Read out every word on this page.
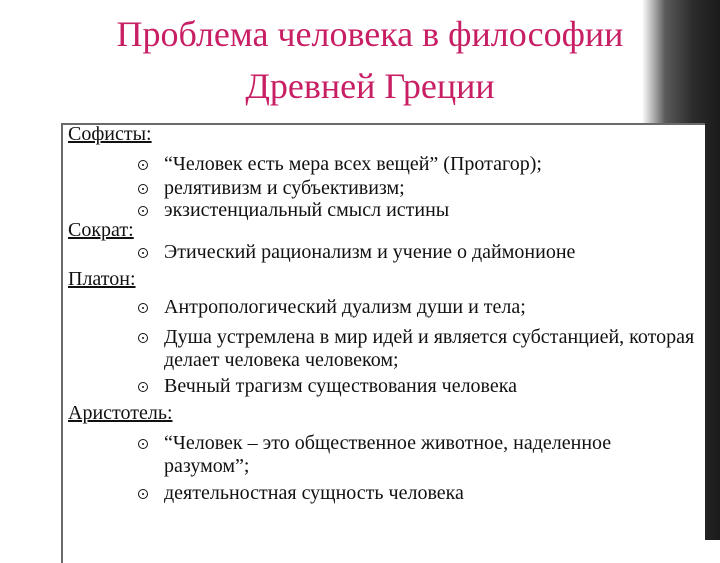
Проблема человека в философии
Древней Греции
Софисты:
“Человек есть мера всех вещей” (Протагор);
релятивизм и субъективизм;
экзистенциальный смысл истины
Сократ:
Этический рационализм и учение о даймонионе
Платон:
Антропологический дуализм души и тела;
Душа устремлена в мир идей и является субстанцией, которая делает человека человеком;
Вечный трагизм существования человека
Аристотель:
“Человек – это общественное животное, наделенное разумом”;
деятельностная сущность человека
